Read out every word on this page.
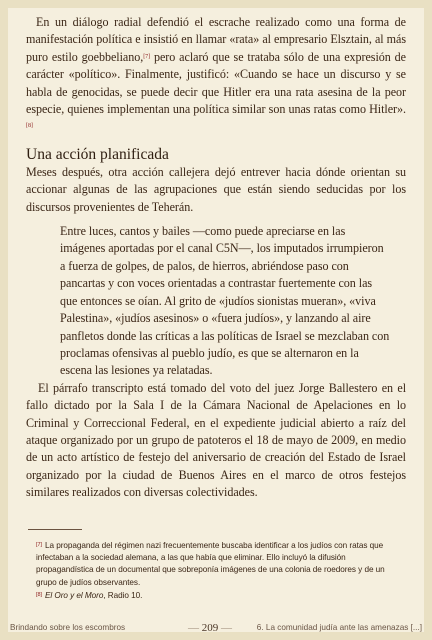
En un diálogo radial defendió el escrache realizado como una forma de manifestación política e insistió en llamar «rata» al empresario Elsztain, al más puro estilo goebbeliano,[7] pero aclaró que se trataba sólo de una expresión de carácter «político». Finalmente, justificó: «Cuando se hace un discurso y se habla de genocidas, se puede decir que Hitler era una rata asesina de la peor especie, quienes implementan una política similar son unas ratas como Hitler».[8]

Una acción planificada

Meses después, otra acción callejera dejó entrever hacia dónde orientan su accionar algunas de las agrupaciones que están siendo seducidas por los discursos provenientes de Teherán.

Entre luces, cantos y bailes —como puede apreciarse en las imágenes aportadas por el canal C5N—, los imputados irrumpieron a fuerza de golpes, de palos, de hierros, abriéndose paso con pancartas y con voces orientadas a contrastar fuertemente con las que entonces se oían. Al grito de «judíos sionistas mueran», «viva Palestina», «judíos asesinos» o «fuera judíos», y lanzando al aire panfletos donde las críticas a las políticas de Israel se mezclaban con proclamas ofensivas al pueblo judío, es que se alternaron en la escena las lesiones ya relatadas.

El párrafo transcripto está tomado del voto del juez Jorge Ballestero en el fallo dictado por la Sala I de la Cámara Nacional de Apelaciones en lo Criminal y Correccional Federal, en el expediente judicial abierto a raíz del ataque organizado por un grupo de patoteros el 18 de mayo de 2009, en medio de un acto artístico de festejo del aniversario de creación del Estado de Israel organizado por la ciudad de Buenos Aires en el marco de otros festejos similares realizados con diversas colectividades.

[7] La propaganda del régimen nazi frecuentemente buscaba identificar a los judíos con ratas que infectaban a la sociedad alemana, a las que había que eliminar. Ello incluyó la difusión propagandística de un documental que sobreponía imágenes de una colonia de roedores y de un grupo de judíos observantes.

[8] El Oro y el Moro, Radio 10.

Brindando sobre los escombros	— 209 —	6. La comunidad judía ante las amenazas [...]
